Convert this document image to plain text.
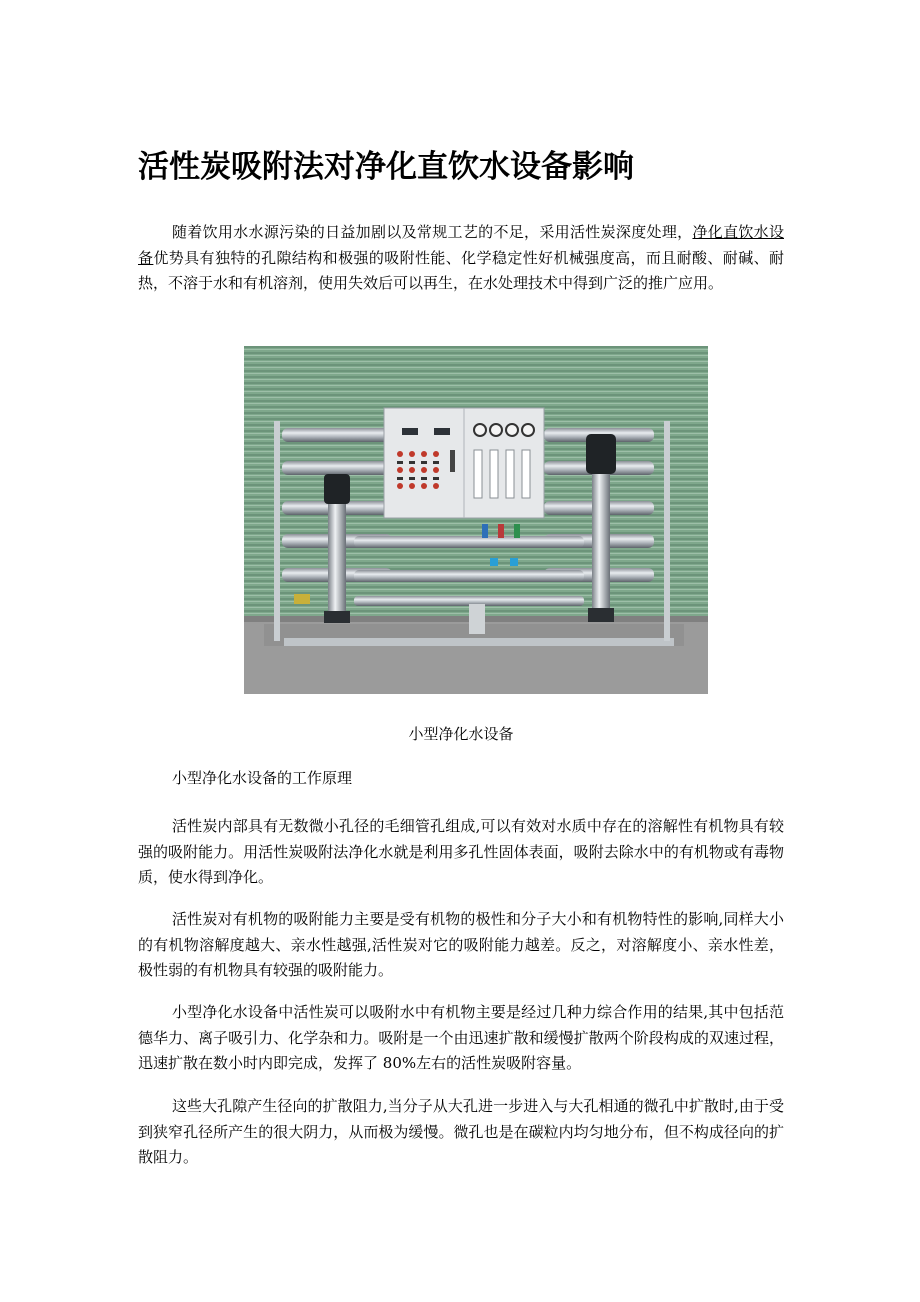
活性炭吸附法对净化直饮水设备影响

随着饮用水水源污染的日益加剧以及常规工艺的不足，采用活性炭深度处理，净化直饮水设备优势具有独特的孔隙结构和极强的吸附性能、化学稳定性好机械强度高，而且耐酸、耐碱、耐热，不溶于水和有机溶剂，使用失效后可以再生，在水处理技术中得到广泛的推广应用。

小型净化水设备

小型净化水设备的工作原理

活性炭内部具有无数微小孔径的毛细管孔组成,可以有效对水质中存在的溶解性有机物具有较强的吸附能力。用活性炭吸附法净化水就是利用多孔性固体表面，吸附去除水中的有机物或有毒物质，使水得到净化。

活性炭对有机物的吸附能力主要是受有机物的极性和分子大小和有机物特性的影响,同样大小的有机物溶解度越大、亲水性越强,活性炭对它的吸附能力越差。反之，对溶解度小、亲水性差，极性弱的有机物具有较强的吸附能力。

小型净化水设备中活性炭可以吸附水中有机物主要是经过几种力综合作用的结果,其中包括范德华力、离子吸引力、化学杂和力。吸附是一个由迅速扩散和缓慢扩散两个阶段构成的双速过程，迅速扩散在数小时内即完成，发挥了 80%左右的活性炭吸附容量。

这些大孔隙产生径向的扩散阻力,当分子从大孔进一步进入与大孔相通的微孔中扩散时,由于受到狭窄孔径所产生的很大阴力，从而极为缓慢。微孔也是在碳粒内均匀地分布，但不构成径向的扩散阻力。
